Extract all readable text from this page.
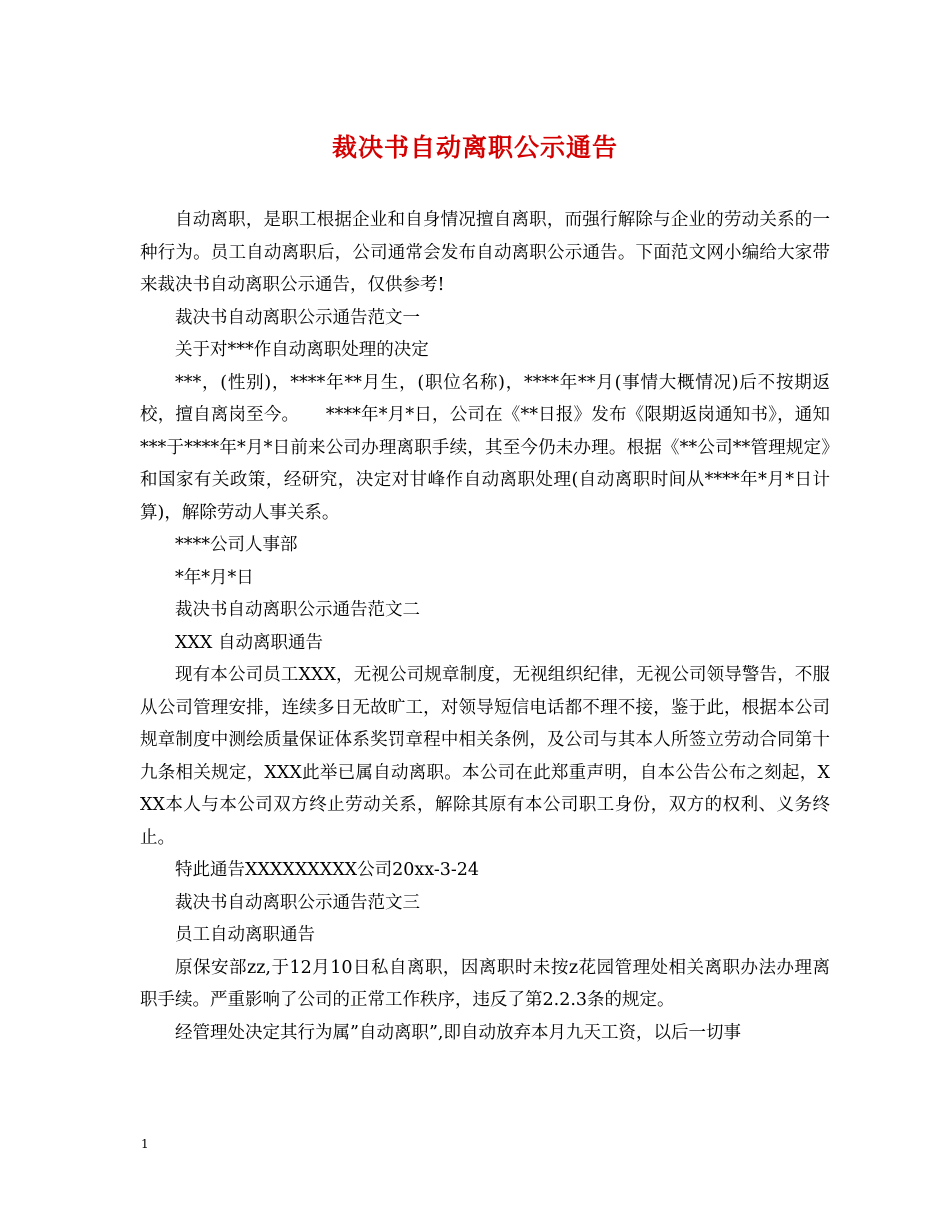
裁决书自动离职公示通告

自动离职，是职工根据企业和自身情况擅自离职，而强行解除与企业的劳动关系的一种行为。员工自动离职后，公司通常会发布自动离职公示通告。下面范文网小编给大家带来裁决书自动离职公示通告，仅供参考!

裁决书自动离职公示通告范文一

关于对***作自动离职处理的决定

***，(性别)，****年**月生，(职位名称)，****年**月(事情大概情况)后不按期返校，擅自离岗至今。　　****年*月*日，公司在《**日报》发布《限期返岗通知书》，通知***于****年*月*日前来公司办理离职手续，其至今仍未办理。根据《**公司**管理规定》和国家有关政策，经研究，决定对甘峰作自动离职处理(自动离职时间从****年*月*日计算)，解除劳动人事关系。

****公司人事部

*年*月*日

裁决书自动离职公示通告范文二

XXX 自动离职通告

现有本公司员工XXX，无视公司规章制度，无视组织纪律，无视公司领导警告，不服从公司管理安排，连续多日无故旷工，对领导短信电话都不理不接，鉴于此，根据本公司规章制度中测绘质量保证体系奖罚章程中相关条例，及公司与其本人所签立劳动合同第十九条相关规定，XXX此举已属自动离职。本公司在此郑重声明，自本公告公布之刻起，XXX本人与本公司双方终止劳动关系，解除其原有本公司职工身份，双方的权利、义务终止。

特此通告XXXXXXXXX公司20xx-3-24

裁决书自动离职公示通告范文三

员工自动离职通告

原保安部zz,于12月10日私自离职，因离职时未按z花园管理处相关离职办法办理离职手续。严重影响了公司的正常工作秩序，违反了第2.2.3条的规定。

经管理处决定其行为属”自动离职”,即自动放弃本月九天工资，以后一切事

1
